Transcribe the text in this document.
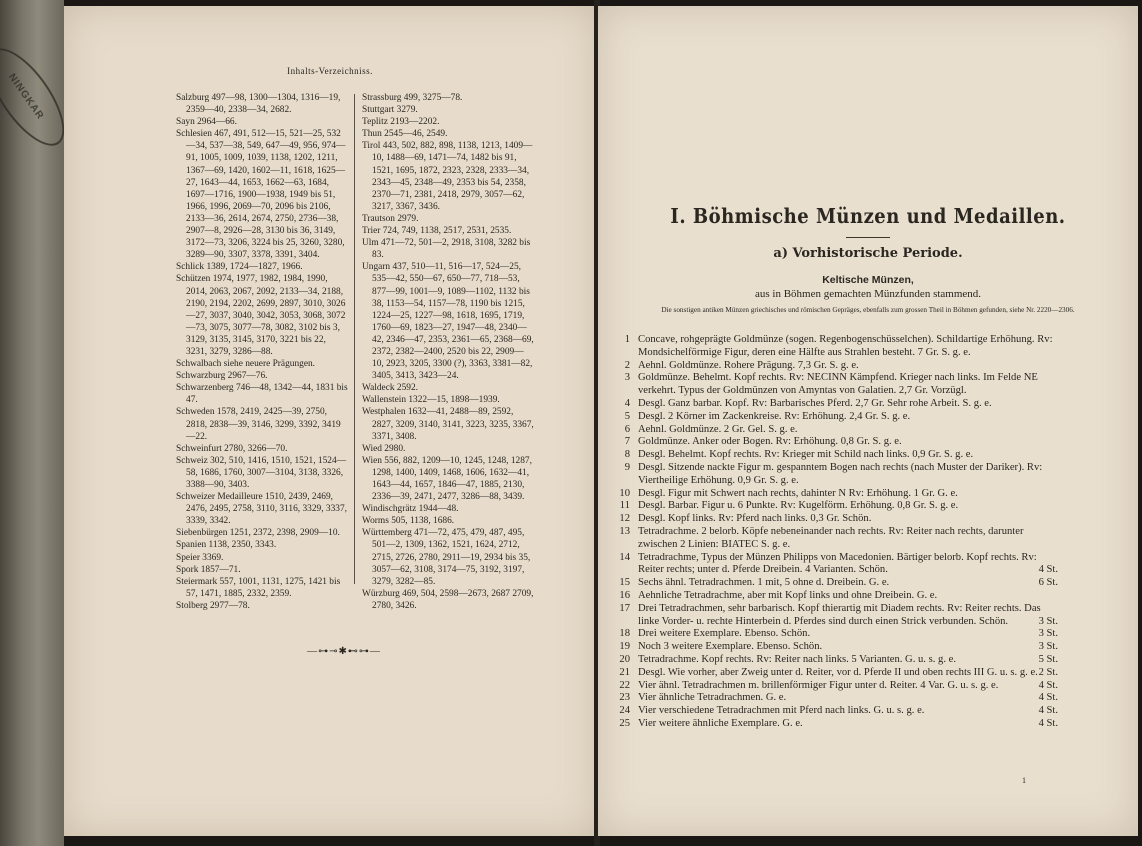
NINGKAR
Inhalts-Verzeichniss.
Salzburg 497—98, 1300—1304, 1316—19, 2359—40, 2338—34, 2682.
Sayn 2964—66.
Schlesien 467, 491, 512—15, 521—25, 532—34, 537—38, 549, 647—49, 956, 974—91, 1005, 1009, 1039, 1138, 1202, 1211, 1367—69, 1420, 1602—11, 1618, 1625—27, 1643—44, 1653, 1662—63, 1684, 1697—1716, 1900—1938, 1949 bis 51, 1966, 1996, 2069—70, 2096 bis 2106, 2133—36, 2614, 2674, 2750, 2736—38, 2907—8, 2926—28, 3130 bis 36, 3149, 3172—73, 3206, 3224 bis 25, 3260, 3280, 3289—90, 3307, 3378, 3391, 3404.
Schlick 1389, 1724—1827, 1966.
Schützen 1974, 1977, 1982, 1984, 1990, 2014, 2063, 2067, 2092, 2133—34, 2188, 2190, 2194, 2202, 2699, 2897, 3010, 3026—27, 3037, 3040, 3042, 3053, 3068, 3072—73, 3075, 3077—78, 3082, 3102 bis 3, 3129, 3135, 3145, 3170, 3221 bis 22, 3231, 3279, 3286—88.
Schwalbach siehe neuere Prägungen.
Schwarzburg 2967—76.
Schwarzenberg 746—48, 1342—44, 1831 bis 47.
Schweden 1578, 2419, 2425—39, 2750, 2818, 2838—39, 3146, 3299, 3392, 3419—22.
Schweinfurt 2780, 3266—70.
Schweiz 302, 510, 1416, 1510, 1521, 1524—58, 1686, 1760, 3007—3104, 3138, 3326, 3388—90, 3403.
Schweizer Medailleure 1510, 2439, 2469, 2476, 2495, 2758, 3110, 3116, 3329, 3337, 3339, 3342.
Siebenbürgen 1251, 2372, 2398, 2909—10.
Spanien 1138, 2350, 3343.
Speier 3369.
Spork 1857—71.
Steiermark 557, 1001, 1131, 1275, 1421 bis 57, 1471, 1885, 2332, 2359.
Stolberg 2977—78.
Strassburg 499, 3275—78.
Stuttgart 3279.
Teplitz 2193—2202.
Thun 2545—46, 2549.
Tirol 443, 502, 882, 898, 1138, 1213, 1409—10, 1488—69, 1471—74, 1482 bis 91, 1521, 1695, 1872, 2323, 2328, 2333—34, 2343—45, 2348—49, 2353 bis 54, 2358, 2370—71, 2381, 2418, 2979, 3057—62, 3217, 3367, 3436.
Trautson 2979.
Trier 724, 749, 1138, 2517, 2531, 2535.
Ulm 471—72, 501—2, 2918, 3108, 3282 bis 83.
Ungarn 437, 510—11, 516—17, 524—25, 535—42, 550—67, 650—77, 718—53, 877—99, 1001—9, 1089—1102, 1132 bis 38, 1153—54, 1157—78, 1190 bis 1215, 1224—25, 1227—98, 1618, 1695, 1719, 1760—69, 1823—27, 1947—48, 2340—42, 2346—47, 2353, 2361—65, 2368—69, 2372, 2382—2400, 2520 bis 22, 2909—10, 2923, 3205, 3300 (?), 3363, 3381—82, 3405, 3413, 3423—24.
Waldeck 2592.
Wallenstein 1322—15, 1898—1939.
Westphalen 1632—41, 2488—89, 2592, 2827, 3209, 3140, 3141, 3223, 3235, 3367, 3371, 3408.
Wied 2980.
Wien 556, 882, 1209—10, 1245, 1248, 1287, 1298, 1400, 1409, 1468, 1606, 1632—41, 1643—44, 1657, 1846—47, 1885, 2130, 2336—39, 2471, 2477, 3286—88, 3439.
Windischgrätz 1944—48.
Worms 505, 1138, 1686.
Württemberg 471—72, 475, 479, 487, 495, 501—2, 1309, 1362, 1521, 1624, 2712, 2715, 2726, 2780, 2911—19, 2934 bis 35, 3057—62, 3108, 3174—75, 3192, 3197, 3279, 3282—85.
Würzburg 469, 504, 2598—2673, 2687 2709, 2780, 3426.
—⊶⊸✱⊷⊶—
I. Böhmische Münzen und Medaillen.
a) Vorhistorische Periode.
Keltische Münzen,
aus in Böhmen gemachten Münzfunden stammend.
Die sonstigen antiken Münzen griechisches und römischen Gepräges, ebenfalls zum grossen Theil in Böhmen gefunden, siehe Nr. 2220—2306.
1 Concave, rohgeprägte Goldmünze (sogen. Regenbogenschüsselchen). Schildartige Erhöhung. Rv: Mondsichelförmige Figur, deren eine Hälfte aus Strahlen besteht. 7 Gr. S. g. e.
2 Aehnl. Goldmünze. Rohere Prägung. 7,3 Gr. S. g. e.
3 Goldmünze. Behelmt. Kopf rechts. Rv: NECINN Kämpfend. Krieger nach links. Im Felde NE verkehrt. Typus der Goldmünzen von Amyntas von Galatien. 2,7 Gr. Vorzügl.
4 Desgl. Ganz barbar. Kopf. Rv: Barbarisches Pferd. 2,7 Gr. Sehr rohe Arbeit. S. g. e.
5 Desgl. 2 Körner im Zackenkreise. Rv: Erhöhung. 2,4 Gr. S. g. e.
6 Aehnl. Goldmünze. 2 Gr. Gel. S. g. e.
7 Goldmünze. Anker oder Bogen. Rv: Erhöhung. 0,8 Gr. S. g. e.
8 Desgl. Behelmt. Kopf rechts. Rv: Krieger mit Schild nach links. 0,9 Gr. S. g. e.
9 Desgl. Sitzende nackte Figur m. gespanntem Bogen nach rechts (nach Muster der Dariker). Rv: Viertheilige Erhöhung. 0,9 Gr. S. g. e.
10 Desgl. Figur mit Schwert nach rechts, dahinter N Rv: Erhöhung. 1 Gr. G. e.
11 Desgl. Barbar. Figur u. 6 Punkte. Rv: Kugelförm. Erhöhung. 0,8 Gr. S. g. e.
12 Desgl. Kopf links. Rv: Pferd nach links. 0,3 Gr. Schön.
13 Tetradrachme. 2 belorb. Köpfe nebeneinander nach rechts. Rv: Reiter nach rechts, darunter zwischen 2 Linien: BIATEC S. g. e.
14 Tetradrachme, Typus der Münzen Philipps von Macedonien. Bärtiger belorb. Kopf rechts. Rv: Reiter rechts; unter d. Pferde Dreibein. 4 Varianten. Schön.	4 St.
15 Sechs ähnl. Tetradrachmen. 1 mit, 5 ohne d. Dreibein. G. e.	6 St.
16 Aehnliche Tetradrachme, aber mit Kopf links und ohne Dreibein. G. e.
17 Drei Tetradrachmen, sehr barbarisch. Kopf thierartig mit Diadem rechts. Rv: Reiter rechts. Das linke Vorder- u. rechte Hinterbein d. Pferdes sind durch einen Strick verbunden. Schön.	3 St.
18 Drei weitere Exemplare. Ebenso. Schön.	3 St.
19 Noch 3 weitere Exemplare. Ebenso. Schön.	3 St.
20 Tetradrachme. Kopf rechts. Rv: Reiter nach links. 5 Varianten. G. u. s. g. e.	5 St.
21 Desgl. Wie vorher, aber Zweig unter d. Reiter, vor d. Pferde II und oben rechts III G. u. s. g. e. 2 St.
22 Vier ähnl. Tetradrachmen m. brillenförmiger Figur unter d. Reiter. 4 Var. G. u. s. g. e.	4 St.
23 Vier ähnliche Tetradrachmen. G. e.	4 St.
24 Vier verschiedene Tetradrachmen mit Pferd nach links. G. u. s. g. e.	4 St.
25 Vier weitere ähnliche Exemplare. G. e.	4 St.
1
